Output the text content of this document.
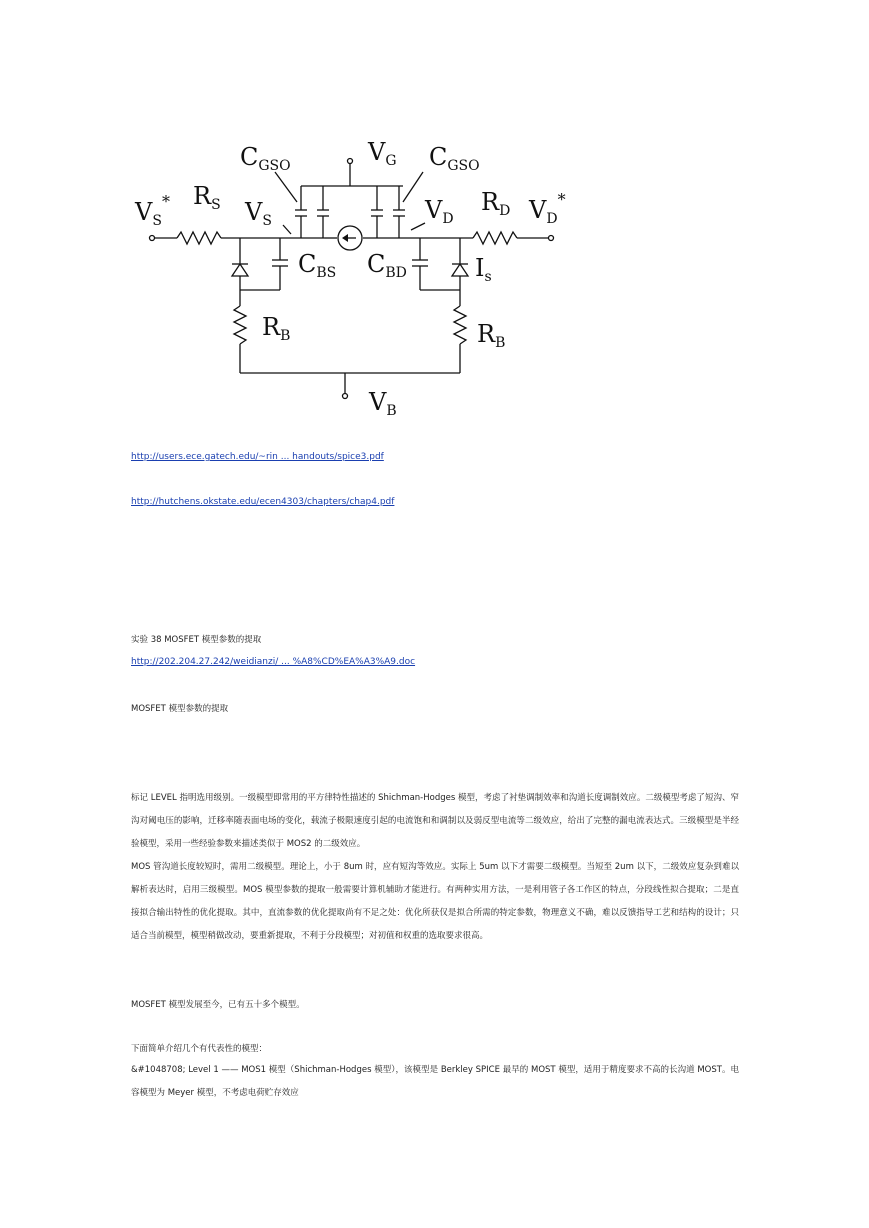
$C_{GSO}$	$V_G$ $C_{GSO}$
$V_S^*$ $R_S$ $V_S$	$V_D$
$R_D$ $V_D^*$
$C_{BS}$ $C_{BD}$	$I_s$
$R_B$	$R_B$
$V_B$
http://users.ece.gatech.edu/~rin ... handouts/spice3.pdf
http://hutchens.okstate.edu/ecen4303/chapters/chap4.pdf
实验 38 MOSFET 模型参数的提取
http://202.204.27.242/weidianzi/ ... %A8%CD%EA%A3%A9.doc
MOSFET 模型参数的提取
标记 LEVEL 指明选用级别。一级模型即常用的平方律特性描述的 Shichman-Hodges 模型，考虑了衬垫调制效率和沟道长度调制效应。二级模型考虑了短沟、窄沟对阈电压的影响，迁移率随表面电场的变化，载流子极限速度引起的电流饱和和调制以及弱反型电流等二级效应，给出了完整的漏电流表达式。三级模型是半经验模型，采用一些经验参数来描述类似于 MOS2 的二级效应。
MOS 管沟道长度较短时，需用二级模型。理论上，小于 8um 时，应有短沟等效应。实际上 5um 以下才需要二级模型。当短至 2um 以下，二级效应复杂到难以解析表达时，启用三级模型。MOS 模型参数的提取一般需要计算机辅助才能进行。有两种实用方法，一是利用管子各工作区的特点，分段线性拟合提取；二是直接拟合输出特性的优化提取。其中，直流参数的优化提取尚有不足之处：优化所获仅是拟合所需的特定参数，物理意义不确，难以反馈指导工艺和结构的设计；只适合当前模型，模型稍做改动，要重新提取，不利于分段模型；对初值和权重的选取要求很高。
MOSFET 模型发展至今，已有五十多个模型。
下面简单介绍几个有代表性的模型：
&#1048708; Level 1 —— MOS1 模型（Shichman-Hodges 模型），该模型是 Berkley SPICE 最早的 MOST 模型，适用于精度要求不高的长沟道 MOST。电容模型为 Meyer 模型，不考虑电荷贮存效应
